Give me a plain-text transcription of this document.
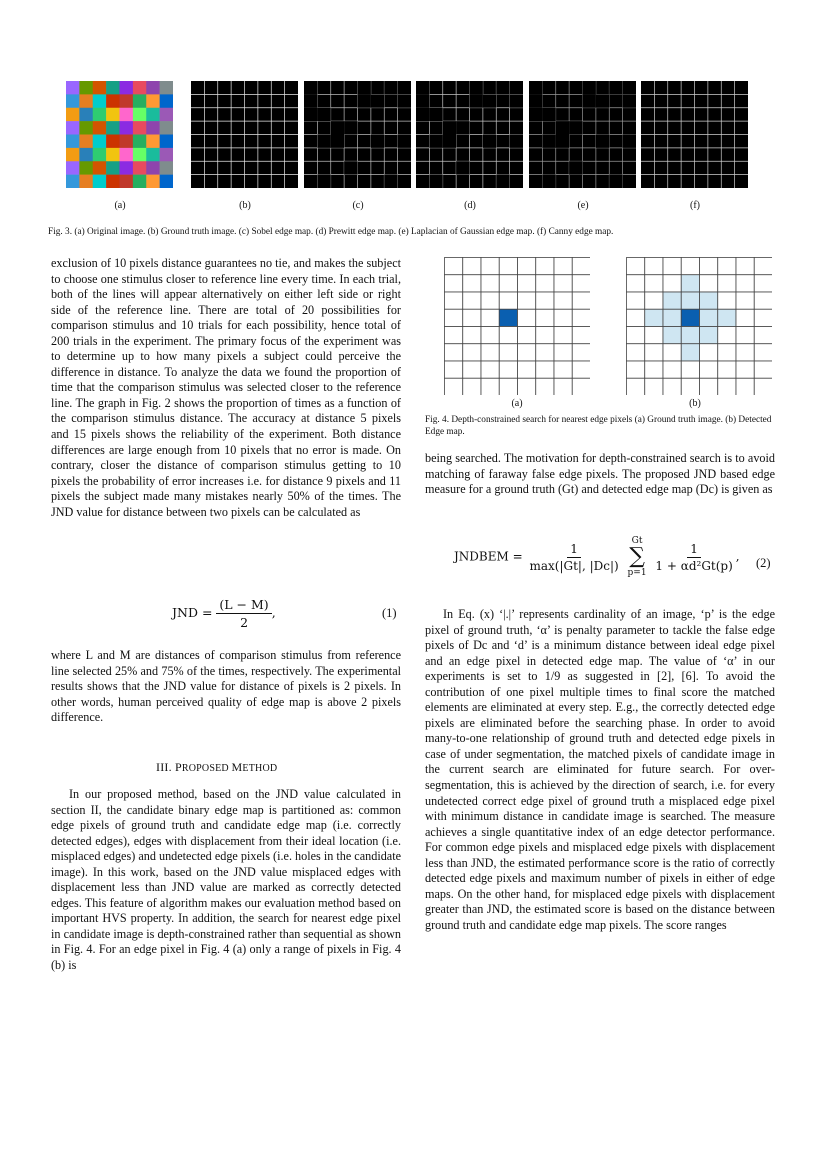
(a)	(b)	(c)	(d)	(e)	(f)
Fig. 3. (a) Original image. (b) Ground truth image. (c) Sobel edge map. (d) Prewitt edge map. (e) Laplacian of Gaussian edge map. (f) Canny edge map.

exclusion of 10 pixels distance guarantees no tie, and makes the subject to choose one stimulus closer to reference line every time. In each trial, both of the lines will appear alternatively on either left side or right side of the reference line. There are total of 20 possibilities for comparison stimulus and 10 trials for each possibility, hence total of 200 trials in the experiment. The primary focus of the experiment was to determine up to how many pixels a subject could perceive the difference in distance. To analyze the data we found the proportion of time that the comparison stimulus was selected closer to the reference line. The graph in Fig. 2 shows the proportion of times as a function of the comparison stimulus distance. The accuracy at distance 5 pixels and 15 pixels shows the reliability of the experiment. Both distance differences are large enough from 10 pixels that no error is made. On contrary, closer the distance of comparison stimulus getting to 10 pixels the probability of error increases i.e. for distance 9 pixels and 11 pixels the subject made many mistakes nearly 50% of the times. The JND value for distance between two pixels can be calculated as

JND = $\frac{(L - M)}{2}$ ,	(1)

where L and M are distances of comparison stimulus from reference line selected 25% and 75% of the times, respectively. The experimental results shows that the JND value for distance of pixels is 2 pixels. In other words, human perceived quality of edge map is above 2 pixels difference.

III. PROPOSED METHOD

In our proposed method, based on the JND value calculated in section II, the candidate binary edge map is partitioned as: common edge pixels of ground truth and candidate edge map (i.e. correctly detected edges), edges with displacement from their ideal location (i.e. misplaced edges) and undetected edge pixels (i.e. holes in the candidate image). In this work, based on the JND value misplaced edges with displacement less than JND value are marked as correctly detected edges. This feature of algorithm makes our evaluation method based on important HVS property. In addition, the search for nearest edge pixel in candidate image is depth-constrained rather than sequential as shown in Fig. 4. For an edge pixel in Fig. 4 (a) only a range of pixels in Fig. 4 (b) is

(a)	(b)
Fig. 4. Depth-constrained search for nearest edge pixels (a) Ground truth image. (b) Detected Edge map.

being searched. The motivation for depth-constrained search is to avoid matching of faraway false edge pixels. The proposed JND based edge measure for a ground truth (Gt) and detected edge map (Dc) is given as

JNDBEM = $\frac{1}{\max(|Gt|, |Dc|)}$

Gt
∑
p=1

$\frac{1}{\text{1 + αd²Gt(p)}}$ , (2)

In Eq. (x) ‘|.|’ represents cardinality of an image, ‘p’ is the edge pixel of ground truth, ‘α’ is penalty parameter to tackle the false edge pixels of Dc and ‘d’ is a minimum distance between ideal edge pixel and an edge pixel in detected edge map. The value of ‘α’ in our experiments is set to 1/9 as suggested in [2], [6]. To avoid the contribution of one pixel multiple times to final score the matched elements are eliminated at every step. E.g., the correctly detected edge pixels are eliminated before the searching phase. In order to avoid many-to-one relationship of ground truth and detected edge pixels in case of under segmentation, the matched pixels of candidate image in the current search are eliminated for future search. For over-segmentation, this is achieved by the direction of search, i.e. for every undetected correct edge pixel of ground truth a misplaced edge pixel with minimum distance in candidate image is searched. The measure achieves a single quantitative index of an edge detector performance. For common edge pixels and misplaced edge pixels with displacement less than JND, the estimated performance score is the ratio of correctly detected edge pixels and maximum number of pixels in either of edge maps. On the other hand, for misplaced edge pixels with displacement greater than JND, the estimated score is based on the distance between ground truth and candidate edge map pixels. The score ranges
